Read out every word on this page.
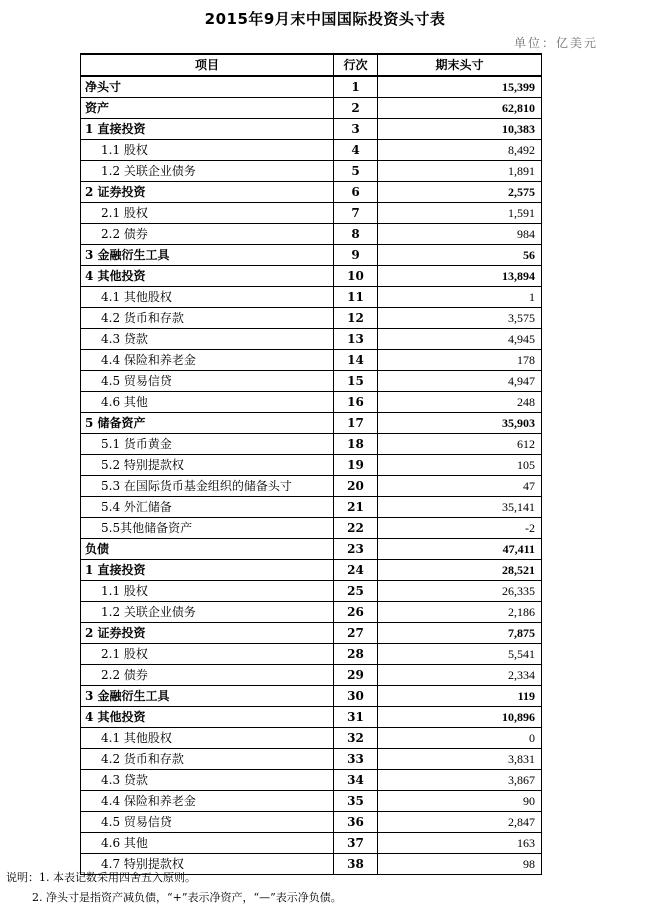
2015年9月末中国国际投资头寸表
单位：亿美元
项目	行次	期末头寸
净头寸	1	15,399
资产	2	62,810
1 直接投资	3	10,383
1.1 股权	4	8,492
1.2 关联企业债务	5	1,891
2 证券投资	6	2,575
2.1 股权	7	1,591
2.2 债券	8	984
3 金融衍生工具	9	56
4 其他投资	10	13,894
4.1 其他股权	11	1
4.2 货币和存款	12	3,575
4.3 贷款	13	4,945
4.4 保险和养老金	14	178
4.5 贸易信贷	15	4,947
4.6 其他	16	248
5 储备资产	17	35,903
5.1 货币黄金	18	612
5.2 特别提款权	19	105
5.3 在国际货币基金组织的储备头寸	20	47
5.4 外汇储备	21	35,141
5.5其他储备资产	22	-2
负债	23	47,411
1 直接投资	24	28,521
1.1 股权	25	26,335
1.2 关联企业债务	26	2,186
2 证券投资	27	7,875
2.1 股权	28	5,541
2.2 债券	29	2,334
3 金融衍生工具	30	119
4 其他投资	31	10,896
4.1 其他股权	32	0
4.2 货币和存款	33	3,831
4.3 贷款	34	3,867
4.4 保险和养老金	35	90
4.5 贸易信贷	36	2,847
4.6 其他	37	163
4.7 特别提款权	38	98
说明：1. 本表记数采用四舍五入原则。
2. 净头寸是指资产减负债，“+”表示净资产，“—”表示净负债。
